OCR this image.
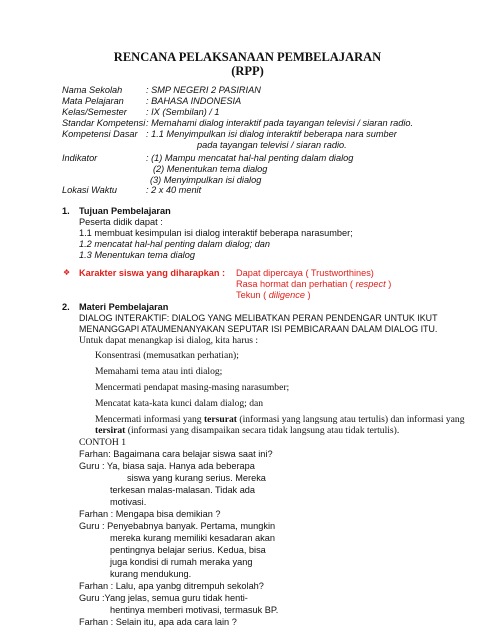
RENCANA PELAKSANAAN PEMBELAJARAN
(RPP)
Nama Sekolah	: SMP NEGERI 2 PASIRIAN
Mata Pelajaran : BAHASA INDONESIA
Kelas/Semester : IX (Sembilan) / 1
Standar Kompetensi : Memahami dialog interaktif pada tayangan televisi / siaran radio.
Kompetensi Dasar : 1.1 Menyimpulkan isi dialog interaktif beberapa nara sumber
pada tayangan televisi / siaran radio.
Indikator	: (1) Mampu mencatat hal-hal penting dalam dialog
(2) Menentukan tema dialog
(3) Menyimpulkan isi dialog
Lokasi Waktu	: 2 x 40 menit
1. Tujuan Pembelajaran
Peserta didik dapat :
1.1 membuat kesimpulan isi dialog interaktif beberapa narasumber;
1.2 mencatat hal-hal penting dalam dialog; dan
1.3 Menentukan tema dialog
❖ Karakter siswa yang diharapkan : Dapat dipercaya ( Trustworthines)
Rasa hormat dan perhatian ( respect )
Tekun ( diligence )
2. Materi Pembelajaran
DIALOG INTERAKTIF: DIALOG YANG MELIBATKAN PERAN PENDENGAR UNTUK IKUT
MENANGGAPI ATAUMENANYAKAN SEPUTAR ISI PEMBICARAAN DALAM DIALOG ITU.
Untuk dapat menangkap isi dialog, kita harus :
Konsentrasi (memusatkan perhatian);
Memahami tema atau inti dialog;
Mencermati pendapat masing-masing narasumber;
Mencatat kata-kata kunci dalam dialog; dan
Mencermati informasi yang tersurat (informasi yang langsung atau tertulis) dan informasi yang
tersirat (informasi yang disampaikan secara tidak langsung atau tidak tertulis).
CONTOH 1
Farhan: Bagaimana cara belajar siswa saat ini?
Guru : Ya, biasa saja. Hanya ada beberapa
siswa yang kurang serius. Mereka
terkesan malas-malasan. Tidak ada
motivasi.
Farhan : Mengapa bisa demikian ?
Guru : Penyebabnya banyak. Pertama, mungkin
mereka kurang memiliki kesadaran akan
pentingnya belajar serius. Kedua, bisa
juga kondisi di rumah meraka yang
kurang mendukung.
Farhan : Lalu, apa yanbg ditrempuh sekolah?
Guru :Yang jelas, semua guru tidak henti-
hentinya memberi motivasi, termasuk BP.
Farhan : Selain itu, apa ada cara lain ?
